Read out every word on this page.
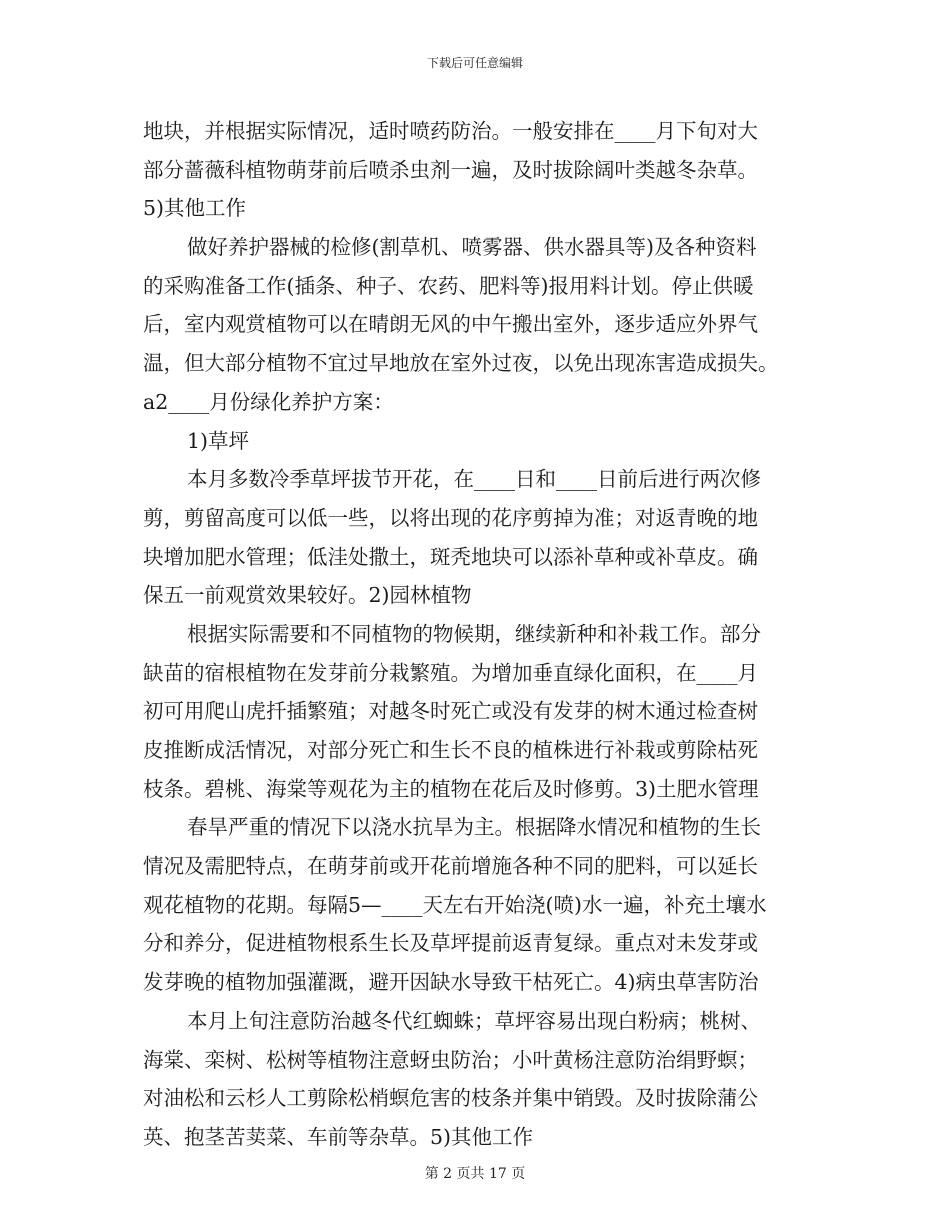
下载后可任意编辑
地块，并根据实际情况，适时喷药防治。一般安排在____月下旬对大
部分蔷薇科植物萌芽前后喷杀虫剂一遍，及时拔除阔叶类越冬杂草。
5)其他工作
做好养护器械的检修(割草机、喷雾器、供水器具等)及各种资料
的采购准备工作(插条、种子、农药、肥料等)报用料计划。停止供暖
后，室内观赏植物可以在晴朗无风的中午搬出室外，逐步适应外界气
温，但大部分植物不宜过早地放在室外过夜，以免出现冻害造成损失。
a2____月份绿化养护方案：
1)草坪
本月多数冷季草坪拔节开花，在____日和____日前后进行两次修
剪，剪留高度可以低一些，以将出现的花序剪掉为准；对返青晚的地
块增加肥水管理；低洼处撒土，斑秃地块可以添补草种或补草皮。确
保五一前观赏效果较好。2)园林植物
根据实际需要和不同植物的物候期，继续新种和补栽工作。部分
缺苗的宿根植物在发芽前分栽繁殖。为增加垂直绿化面积，在____月
初可用爬山虎扦插繁殖；对越冬时死亡或没有发芽的树木通过检查树
皮推断成活情况，对部分死亡和生长不良的植株进行补栽或剪除枯死
枝条。碧桃、海棠等观花为主的植物在花后及时修剪。3)土肥水管理
春旱严重的情况下以浇水抗旱为主。根据降水情况和植物的生长
情况及需肥特点，在萌芽前或开花前增施各种不同的肥料，可以延长
观花植物的花期。每隔5—____天左右开始浇(喷)水一遍，补充土壤水
分和养分，促进植物根系生长及草坪提前返青复绿。重点对未发芽或
发芽晚的植物加强灌溉，避开因缺水导致干枯死亡。4)病虫草害防治
本月上旬注意防治越冬代红蜘蛛；草坪容易出现白粉病；桃树、
海棠、栾树、松树等植物注意蚜虫防治；小叶黄杨注意防治绢野螟；
对油松和云杉人工剪除松梢螟危害的枝条并集中销毁。及时拔除蒲公
英、抱茎苦荬菜、车前等杂草。5)其他工作
第 2 页共 17 页
